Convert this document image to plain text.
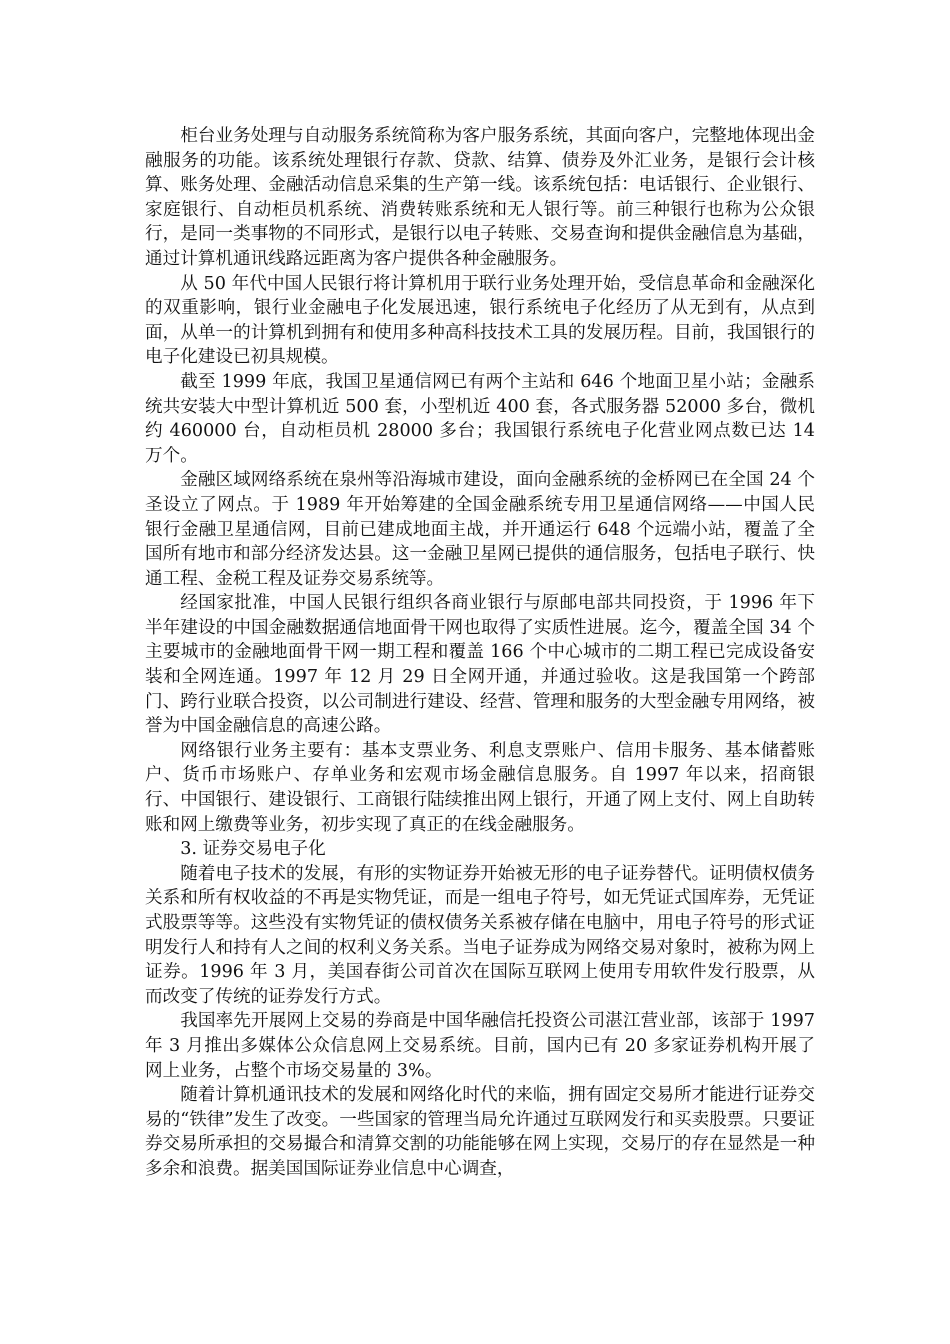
柜台业务处理与自动服务系统简称为客户服务系统，其面向客户，完整地体现出金融服务的功能。该系统处理银行存款、贷款、结算、债券及外汇业务，是银行会计核算、账务处理、金融活动信息采集的生产第一线。该系统包括：电话银行、企业银行、家庭银行、自动柜员机系统、消费转账系统和无人银行等。前三种银行也称为公众银行，是同一类事物的不同形式，是银行以电子转账、交易查询和提供金融信息为基础，通过计算机通讯线路远距离为客户提供各种金融服务。

从 50 年代中国人民银行将计算机用于联行业务处理开始，受信息革命和金融深化的双重影响，银行业金融电子化发展迅速，银行系统电子化经历了从无到有，从点到面，从单一的计算机到拥有和使用多种高科技技术工具的发展历程。目前，我国银行的电子化建设已初具规模。

截至 1999 年底，我国卫星通信网已有两个主站和 646 个地面卫星小站；金融系统共安装大中型计算机近 500 套，小型机近 400 套，各式服务器 52000 多台，微机约 460000 台，自动柜员机 28000 多台；我国银行系统电子化营业网点数已达 14 万个。

金融区域网络系统在泉州等沿海城市建设，面向金融系统的金桥网已在全国 24 个圣设立了网点。于 1989 年开始筹建的全国金融系统专用卫星通信网络——中国人民银行金融卫星通信网，目前已建成地面主战，并开通运行 648 个远端小站，覆盖了全国所有地市和部分经济发达县。这一金融卫星网已提供的通信服务，包括电子联行、快通工程、金税工程及证券交易系统等。

经国家批准，中国人民银行组织各商业银行与原邮电部共同投资，于 1996 年下半年建设的中国金融数据通信地面骨干网也取得了实质性进展。迄今，覆盖全国 34 个主要城市的金融地面骨干网一期工程和覆盖 166 个中心城市的二期工程已完成设备安装和全网连通。1997 年 12 月 29 日全网开通，并通过验收。这是我国第一个跨部门、跨行业联合投资，以公司制进行建设、经营、管理和服务的大型金融专用网络，被誉为中国金融信息的高速公路。

网络银行业务主要有：基本支票业务、利息支票账户、信用卡服务、基本储蓄账户、货币市场账户、存单业务和宏观市场金融信息服务。自 1997 年以来，招商银行、中国银行、建设银行、工商银行陆续推出网上银行，开通了网上支付、网上自助转账和网上缴费等业务，初步实现了真正的在线金融服务。

3. 证券交易电子化

随着电子技术的发展，有形的实物证券开始被无形的电子证券替代。证明债权债务关系和所有权收益的不再是实物凭证，而是一组电子符号，如无凭证式国库券，无凭证式股票等等。这些没有实物凭证的债权债务关系被存储在电脑中，用电子符号的形式证明发行人和持有人之间的权利义务关系。当电子证券成为网络交易对象时，被称为网上证券。1996 年 3 月，美国春街公司首次在国际互联网上使用专用软件发行股票，从而改变了传统的证券发行方式。

我国率先开展网上交易的券商是中国华融信托投资公司湛江营业部，该部于 1997 年 3 月推出多媒体公众信息网上交易系统。目前，国内已有 20 多家证券机构开展了网上业务，占整个市场交易量的 3%。

随着计算机通讯技术的发展和网络化时代的来临，拥有固定交易所才能进行证券交易的“铁律”发生了改变。一些国家的管理当局允许通过互联网发行和买卖股票。只要证券交易所承担的交易撮合和清算交割的功能能够在网上实现，交易厅的存在显然是一种多余和浪费。据美国国际证券业信息中心调查，
